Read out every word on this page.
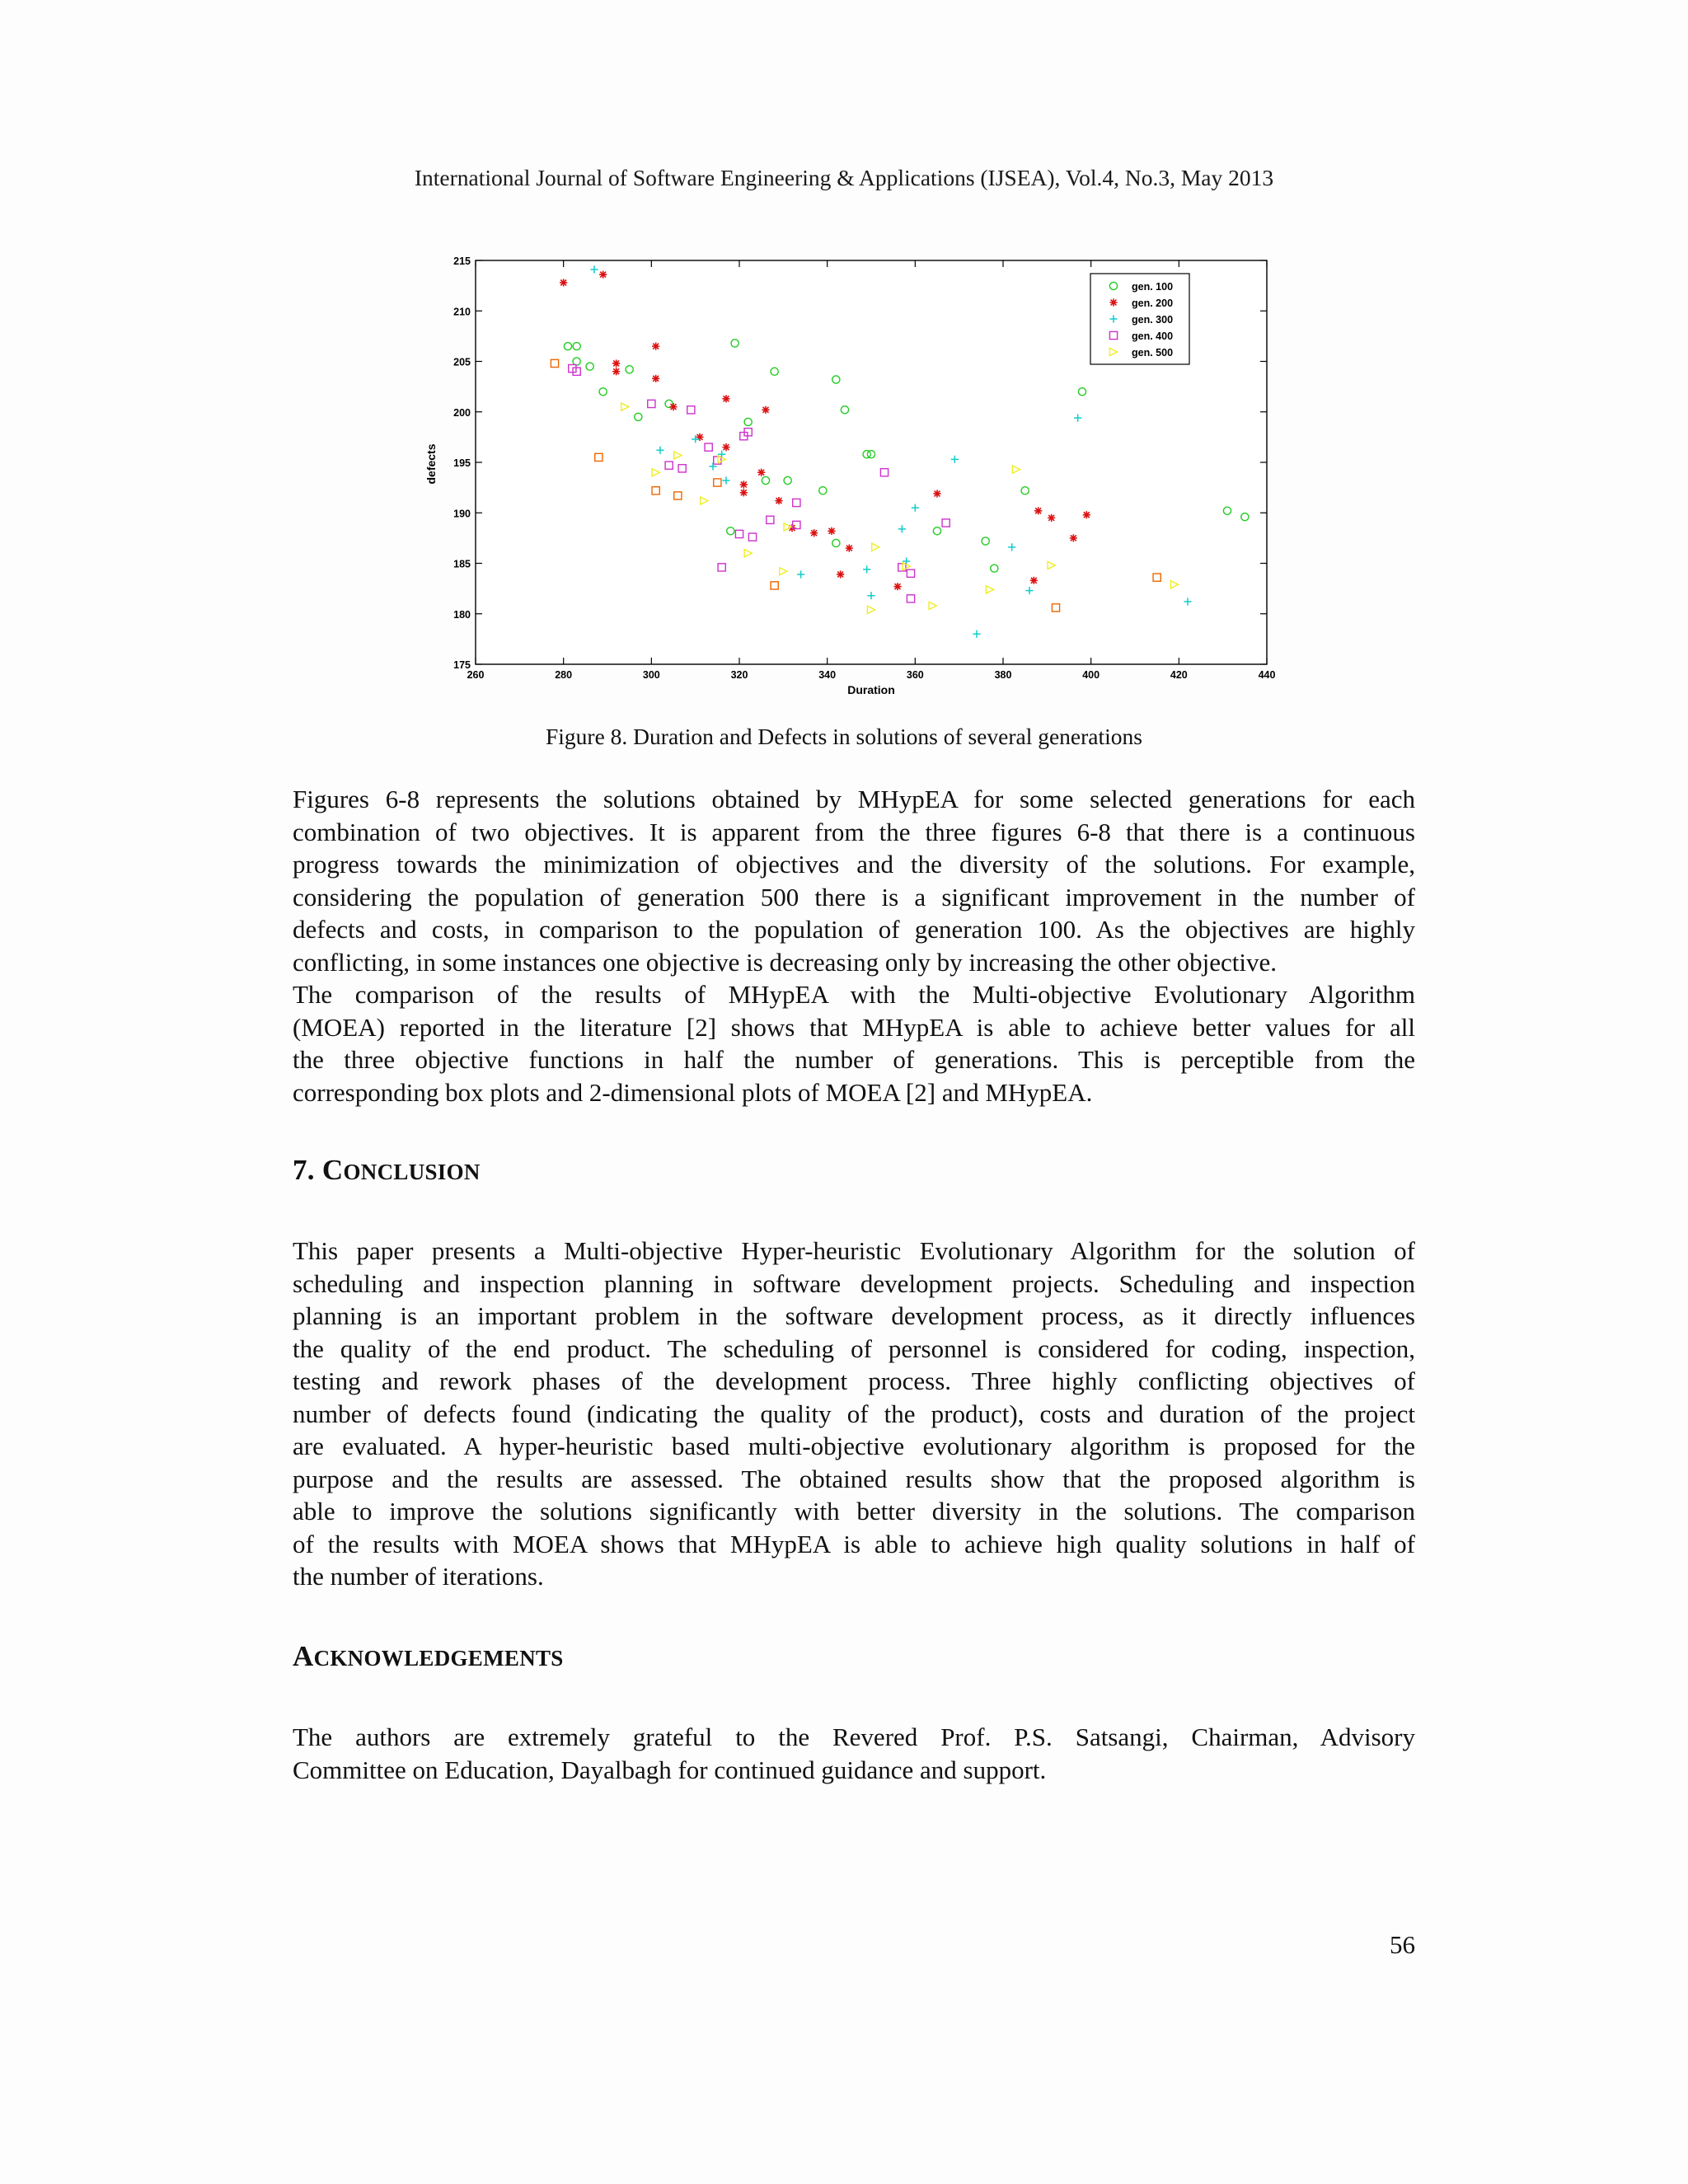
International Journal of Software Engineering & Applications (IJSEA), Vol.4, No.3, May 2013
260	280	300	320	340	360	380	400	420	440
175
180
185
190
195
200
205
210
215
Duration
defects
gen. 100
gen. 200
gen. 300
gen. 400
gen. 500
Figure 8. Duration and Defects in solutions of several generations
Figures 6-8 represents the solutions obtained by MHypEA for some selected generations for each
combination of two objectives. It is apparent from the three figures 6-8 that there is a continuous
progress towards the minimization of objectives and the diversity of the solutions. For example,
considering the population of generation 500 there is a significant improvement in the number of
defects and costs, in comparison to the population of generation 100. As the objectives are highly
conflicting, in some instances one objective is decreasing only by increasing the other objective.
The comparison of the results of MHypEA with the Multi-objective Evolutionary Algorithm
(MOEA) reported in the literature [2] shows that MHypEA is able to achieve better values for all
the three objective functions in half the number of generations. This is perceptible from the
corresponding box plots and 2-dimensional plots of MOEA [2] and MHypEA.
7. CONCLUSION
This paper presents a Multi-objective Hyper-heuristic Evolutionary Algorithm for the solution of
scheduling and inspection planning in software development projects. Scheduling and inspection
planning is an important problem in the software development process, as it directly influences
the quality of the end product. The scheduling of personnel is considered for coding, inspection,
testing and rework phases of the development process. Three highly conflicting objectives of
number of defects found (indicating the quality of the product), costs and duration of the project
are evaluated. A hyper-heuristic based multi-objective evolutionary algorithm is proposed for the
purpose and the results are assessed. The obtained results show that the proposed algorithm is
able to improve the solutions significantly with better diversity in the solutions. The comparison
of the results with MOEA shows that MHypEA is able to achieve high quality solutions in half of
the number of iterations.
ACKNOWLEDGEMENTS
The authors are extremely grateful to the Revered Prof. P.S. Satsangi, Chairman, Advisory
Committee on Education, Dayalbagh for continued guidance and support.
56
